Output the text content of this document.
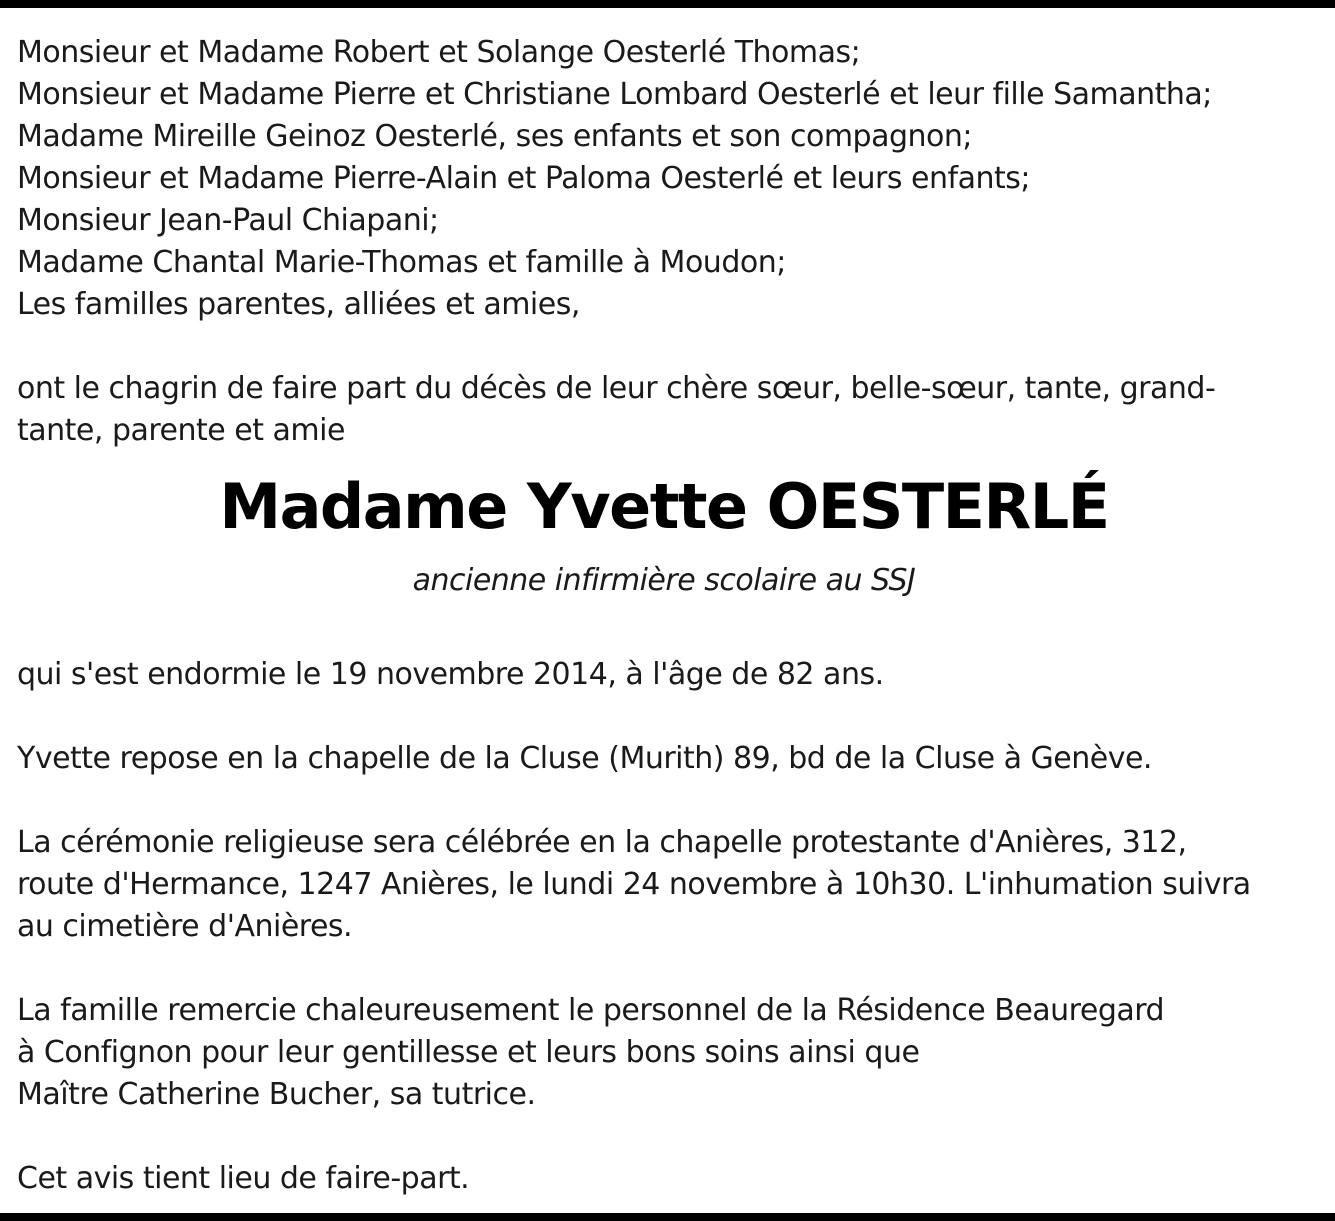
Monsieur et Madame Robert et Solange Oesterlé Thomas;
Monsieur et Madame Pierre et Christiane Lombard Oesterlé et leur fille Samantha;
Madame Mireille Geinoz Oesterlé, ses enfants et son compagnon;
Monsieur et Madame Pierre-Alain et Paloma Oesterlé et leurs enfants;
Monsieur Jean-Paul Chiapani;
Madame Chantal Marie-Thomas et famille à Moudon;
Les familles parentes, alliées et amies,
ont le chagrin de faire part du décès de leur chère sœur, belle-sœur, tante, grand-
tante, parente et amie
Madame Yvette OESTERLÉ
ancienne infirmière scolaire au SSJ
qui s'est endormie le 19 novembre 2014, à l'âge de 82 ans.
Yvette repose en la chapelle de la Cluse (Murith) 89, bd de la Cluse à Genève.
La cérémonie religieuse sera célébrée en la chapelle protestante d'Anières, 312,
route d'Hermance, 1247 Anières, le lundi 24 novembre à 10h30. L'inhumation suivra
au cimetière d'Anières.
La famille remercie chaleureusement le personnel de la Résidence Beauregard
à Confignon pour leur gentillesse et leurs bons soins ainsi que
Maître Catherine Bucher, sa tutrice.
Cet avis tient lieu de faire-part.
